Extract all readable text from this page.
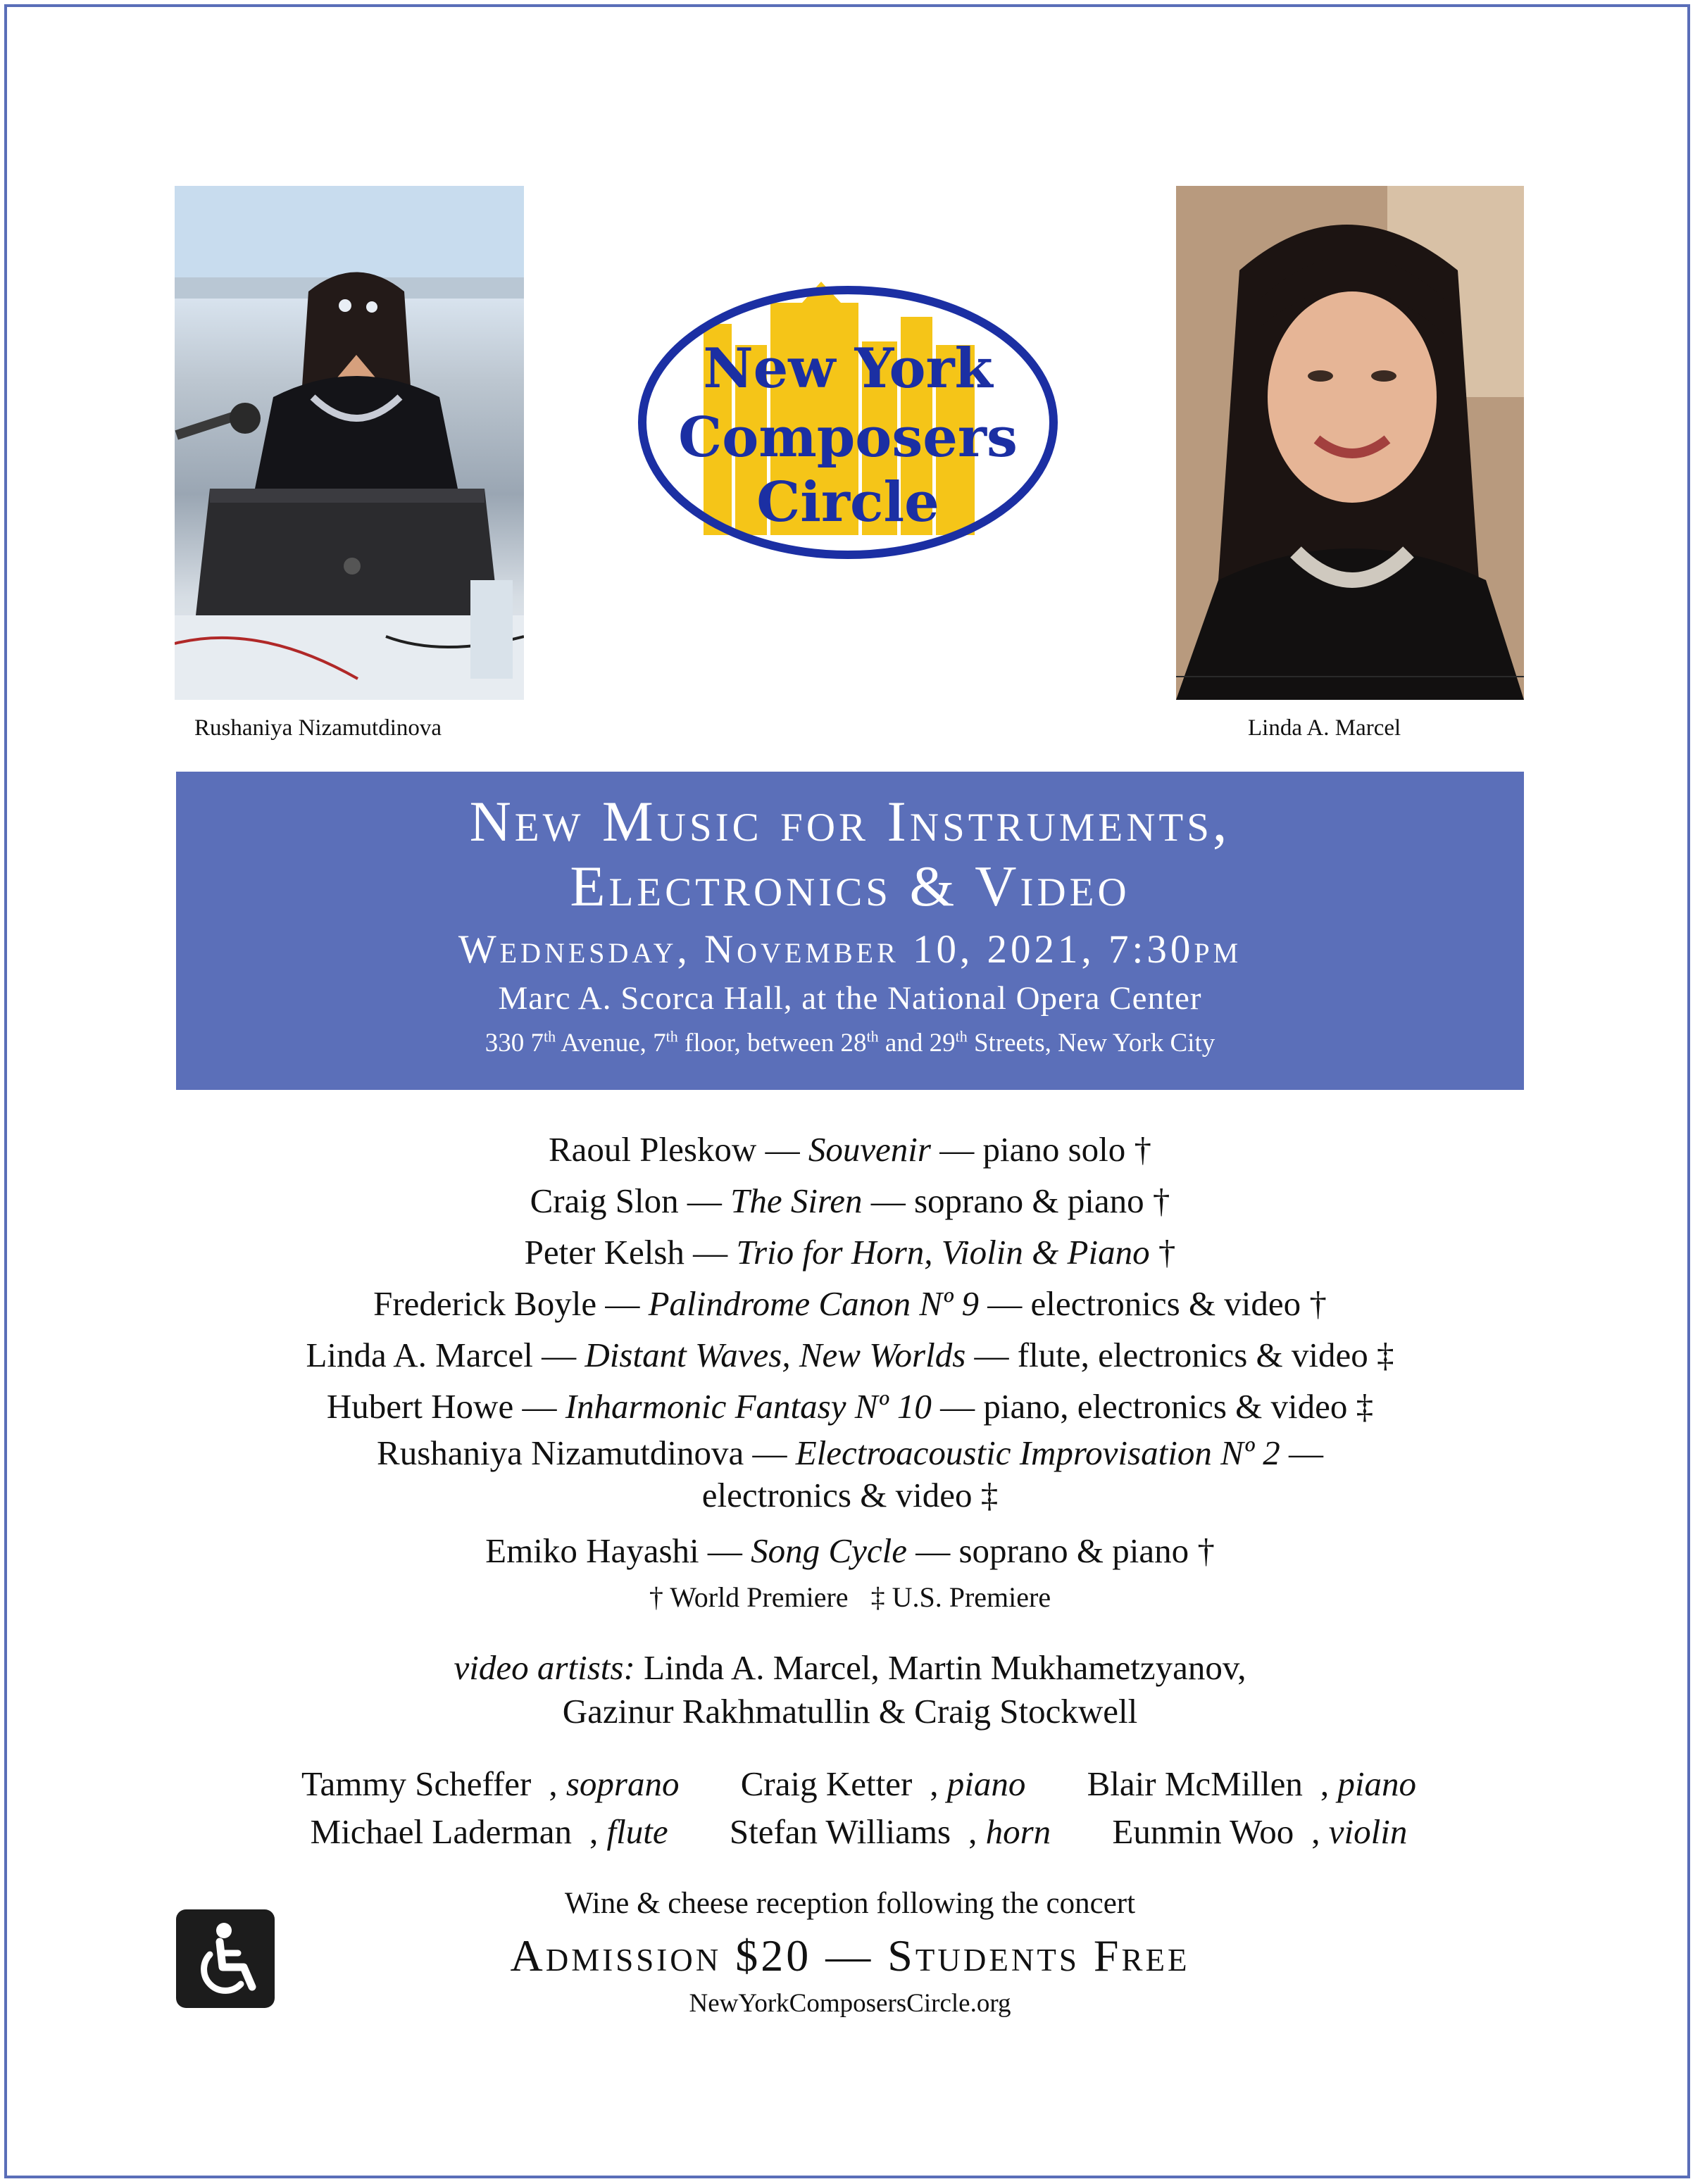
Rushaniya Nizamutdinova
New York
Composers
Circle
Linda A. Marcel
New Music for Instruments,
Electronics & Video
Wednesday, November 10, 2021, 7:30pm
Marc A. Scorca Hall, at the National Opera Center
330 7th Avenue, 7th floor, between 28th and 29th Streets, New York City
Raoul Pleskow — Souvenir — piano solo †
Craig Slon — The Siren — soprano & piano †
Peter Kelsh — Trio for Horn, Violin & Piano †
Frederick Boyle — Palindrome Canon Nº 9 — electronics & video †
Linda A. Marcel — Distant Waves, New Worlds — flute, electronics & video ‡
Hubert Howe — Inharmonic Fantasy Nº 10 — piano, electronics & video ‡
Rushaniya Nizamutdinova — Electroacoustic Improvisation Nº 2 —
electronics & video ‡
Emiko Hayashi — Song Cycle — soprano & piano †
† World Premiere ‡ U.S. Premiere
video artists: Linda A. Marcel, Martin Mukhametzyanov,
Gazinur Rakhmatullin & Craig Stockwell
Tammy Scheffer , soprano Craig Ketter , piano Blair McMillen , piano
Michael Laderman , flute Stefan Williams , horn Eunmin Woo , violin
Wine & cheese reception following the concert
Admission $20 — Students Free
NewYorkComposersCircle.org
